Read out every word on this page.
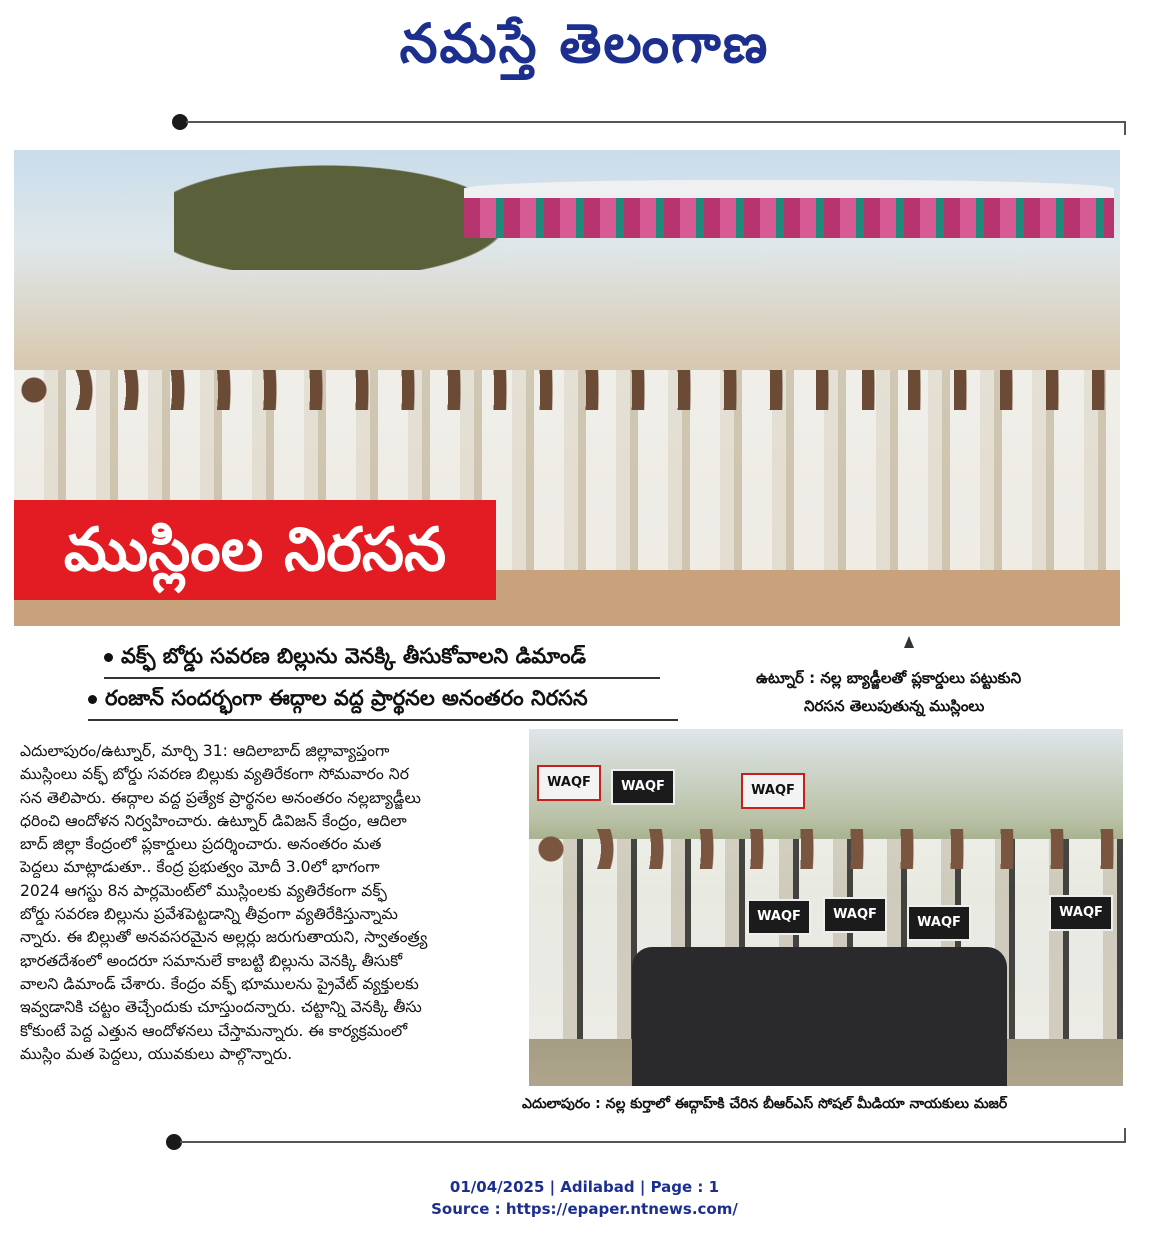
నమస్తే తెలంగాణ
ముస్లింల నిరసన
వక్ఫ్ బోర్డు సవరణ బిల్లును వెనక్కి తీసుకోవాలని డిమాండ్
రంజాన్ సందర్భంగా ఈద్గాల వద్ద ప్రార్థనల అనంతరం నిరసన
ఉట్నూర్ : నల్ల బ్యాడ్జీలతో ప్లకార్డులు పట్టుకుని
నిరసన తెలుపుతున్న ముస్లింలు
ఎదులాపురం/ఉట్నూర్, మార్చి 31: ఆదిలాబాద్ జిల్లావ్యాప్తంగా
ముస్లింలు వక్ఫ్ బోర్డు సవరణ బిల్లుకు వ్యతిరేకంగా సోమవారం నిర
సన తెలిపారు. ఈద్గాల వద్ద ప్రత్యేక ప్రార్థనల అనంతరం నల్లబ్యాడ్జీలు
ధరించి ఆందోళన నిర్వహించారు. ఉట్నూర్ డివిజన్ కేంద్రం, ఆదిలా
బాద్ జిల్లా కేంద్రంలో ప్లకార్డులు ప్రదర్శించారు. అనంతరం మత
పెద్దలు మాట్లాడుతూ.. కేంద్ర ప్రభుత్వం మోదీ 3.0లో భాగంగా
2024 ఆగస్టు 8న పార్లమెంట్‌లో ముస్లింలకు వ్యతిరేకంగా వక్ఫ్
బోర్డు సవరణ బిల్లును ప్రవేశపెట్టడాన్ని తీవ్రంగా వ్యతిరేకిస్తున్నామ
న్నారు. ఈ బిల్లుతో అనవసరమైన అల్లర్లు జరుగుతాయని, స్వాతంత్ర్య
భారతదేశంలో అందరూ సమానులే కాబట్టి బిల్లును వెనక్కి తీసుకో
వాలని డిమాండ్ చేశారు. కేంద్రం వక్ఫ్ భూములను ప్రైవేట్ వ్యక్తులకు
ఇవ్వడానికి చట్టం తెచ్చేందుకు చూస్తుందన్నారు. చట్టాన్ని వెనక్కి తీసు
కోకుంటే పెద్ద ఎత్తున ఆందోళనలు చేస్తామన్నారు. ఈ కార్యక్రమంలో
ముస్లిం మత పెద్దలు, యువకులు పాల్గొన్నారు.
WAQF	WAQF	WAQF
WAQF	WAQF
WAQF
WAQF
ఎదులాపురం : నల్ల కుర్తాలో ఈద్గాహ్‌కి చేరిన బీఆర్ఎస్ సోషల్ మీడియా నాయకులు మజర్
01/04/2025 | Adilabad | Page : 1
Source : https://epaper.ntnews.com/
